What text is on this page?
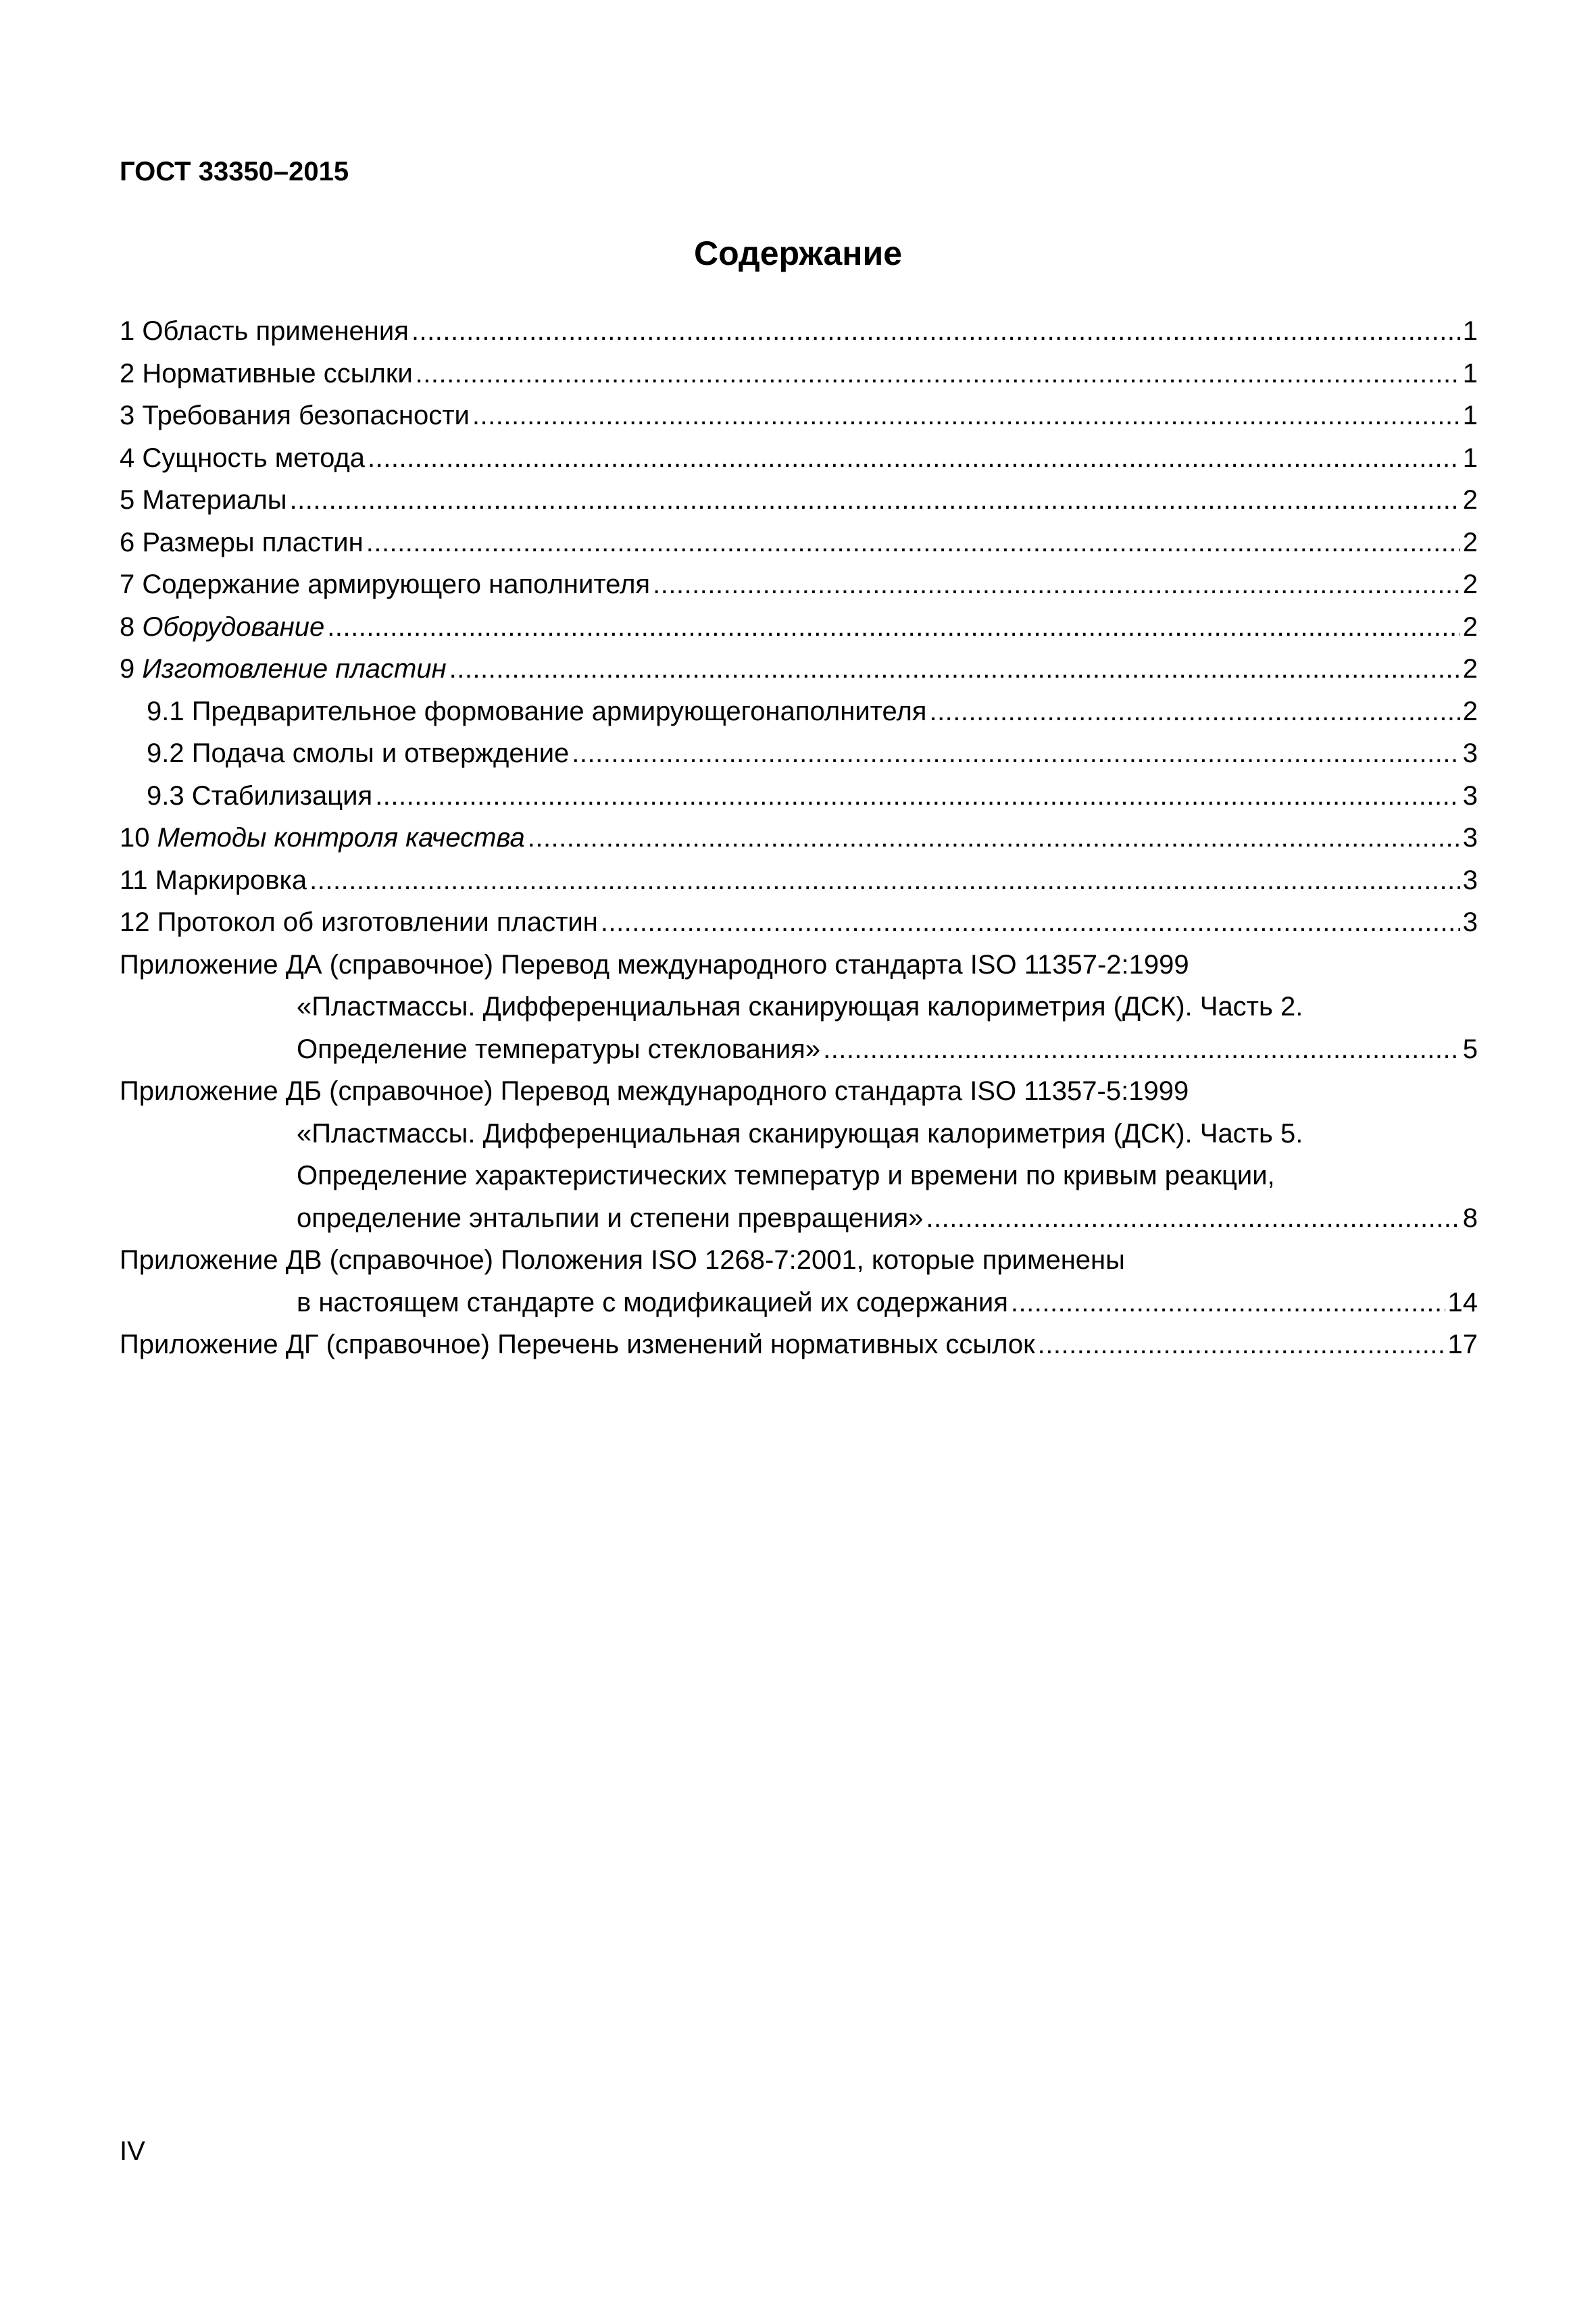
ГОСТ 33350–2015
Содержание
1 Область применения .....	1
2 Нормативные ссылки .....	1
3 Требования безопасности .....	1
4 Сущность метода .....	1
5 Материалы .....	2
6 Размеры пластин .....	2
7 Содержание армирующего наполнителя .....	2
8 Оборудование .....	2
9 Изготовление пластин .....	2
9.1 Предварительное формование армирующегонаполнителя .....	2
9.2 Подача смолы и отверждение .....	3
9.3 Стабилизация .....	3
10 Методы контроля качества .....	3
11 Маркировка .....	3
12 Протокол об изготовлении пластин .....	3
Приложение ДА (справочное) Перевод международного стандарта ISO 11357-2:1999
«Пластмассы. Дифференциальная сканирующая калориметрия (ДСК). Часть 2.
Определение температуры стеклования» .....	5
Приложение ДБ (справочное) Перевод международного стандарта ISO 11357-5:1999
«Пластмассы. Дифференциальная сканирующая калориметрия (ДСК). Часть 5.
Определение характеристических температур и времени по кривым реакции,
определение энтальпии и степени превращения» .....	8
Приложение ДВ (справочное) Положения ISO 1268-7:2001, которые применены
в настоящем стандарте с модификацией их содержания .....	14
Приложение ДГ (справочное) Перечень изменений нормативных ссылок .....	17
IV
